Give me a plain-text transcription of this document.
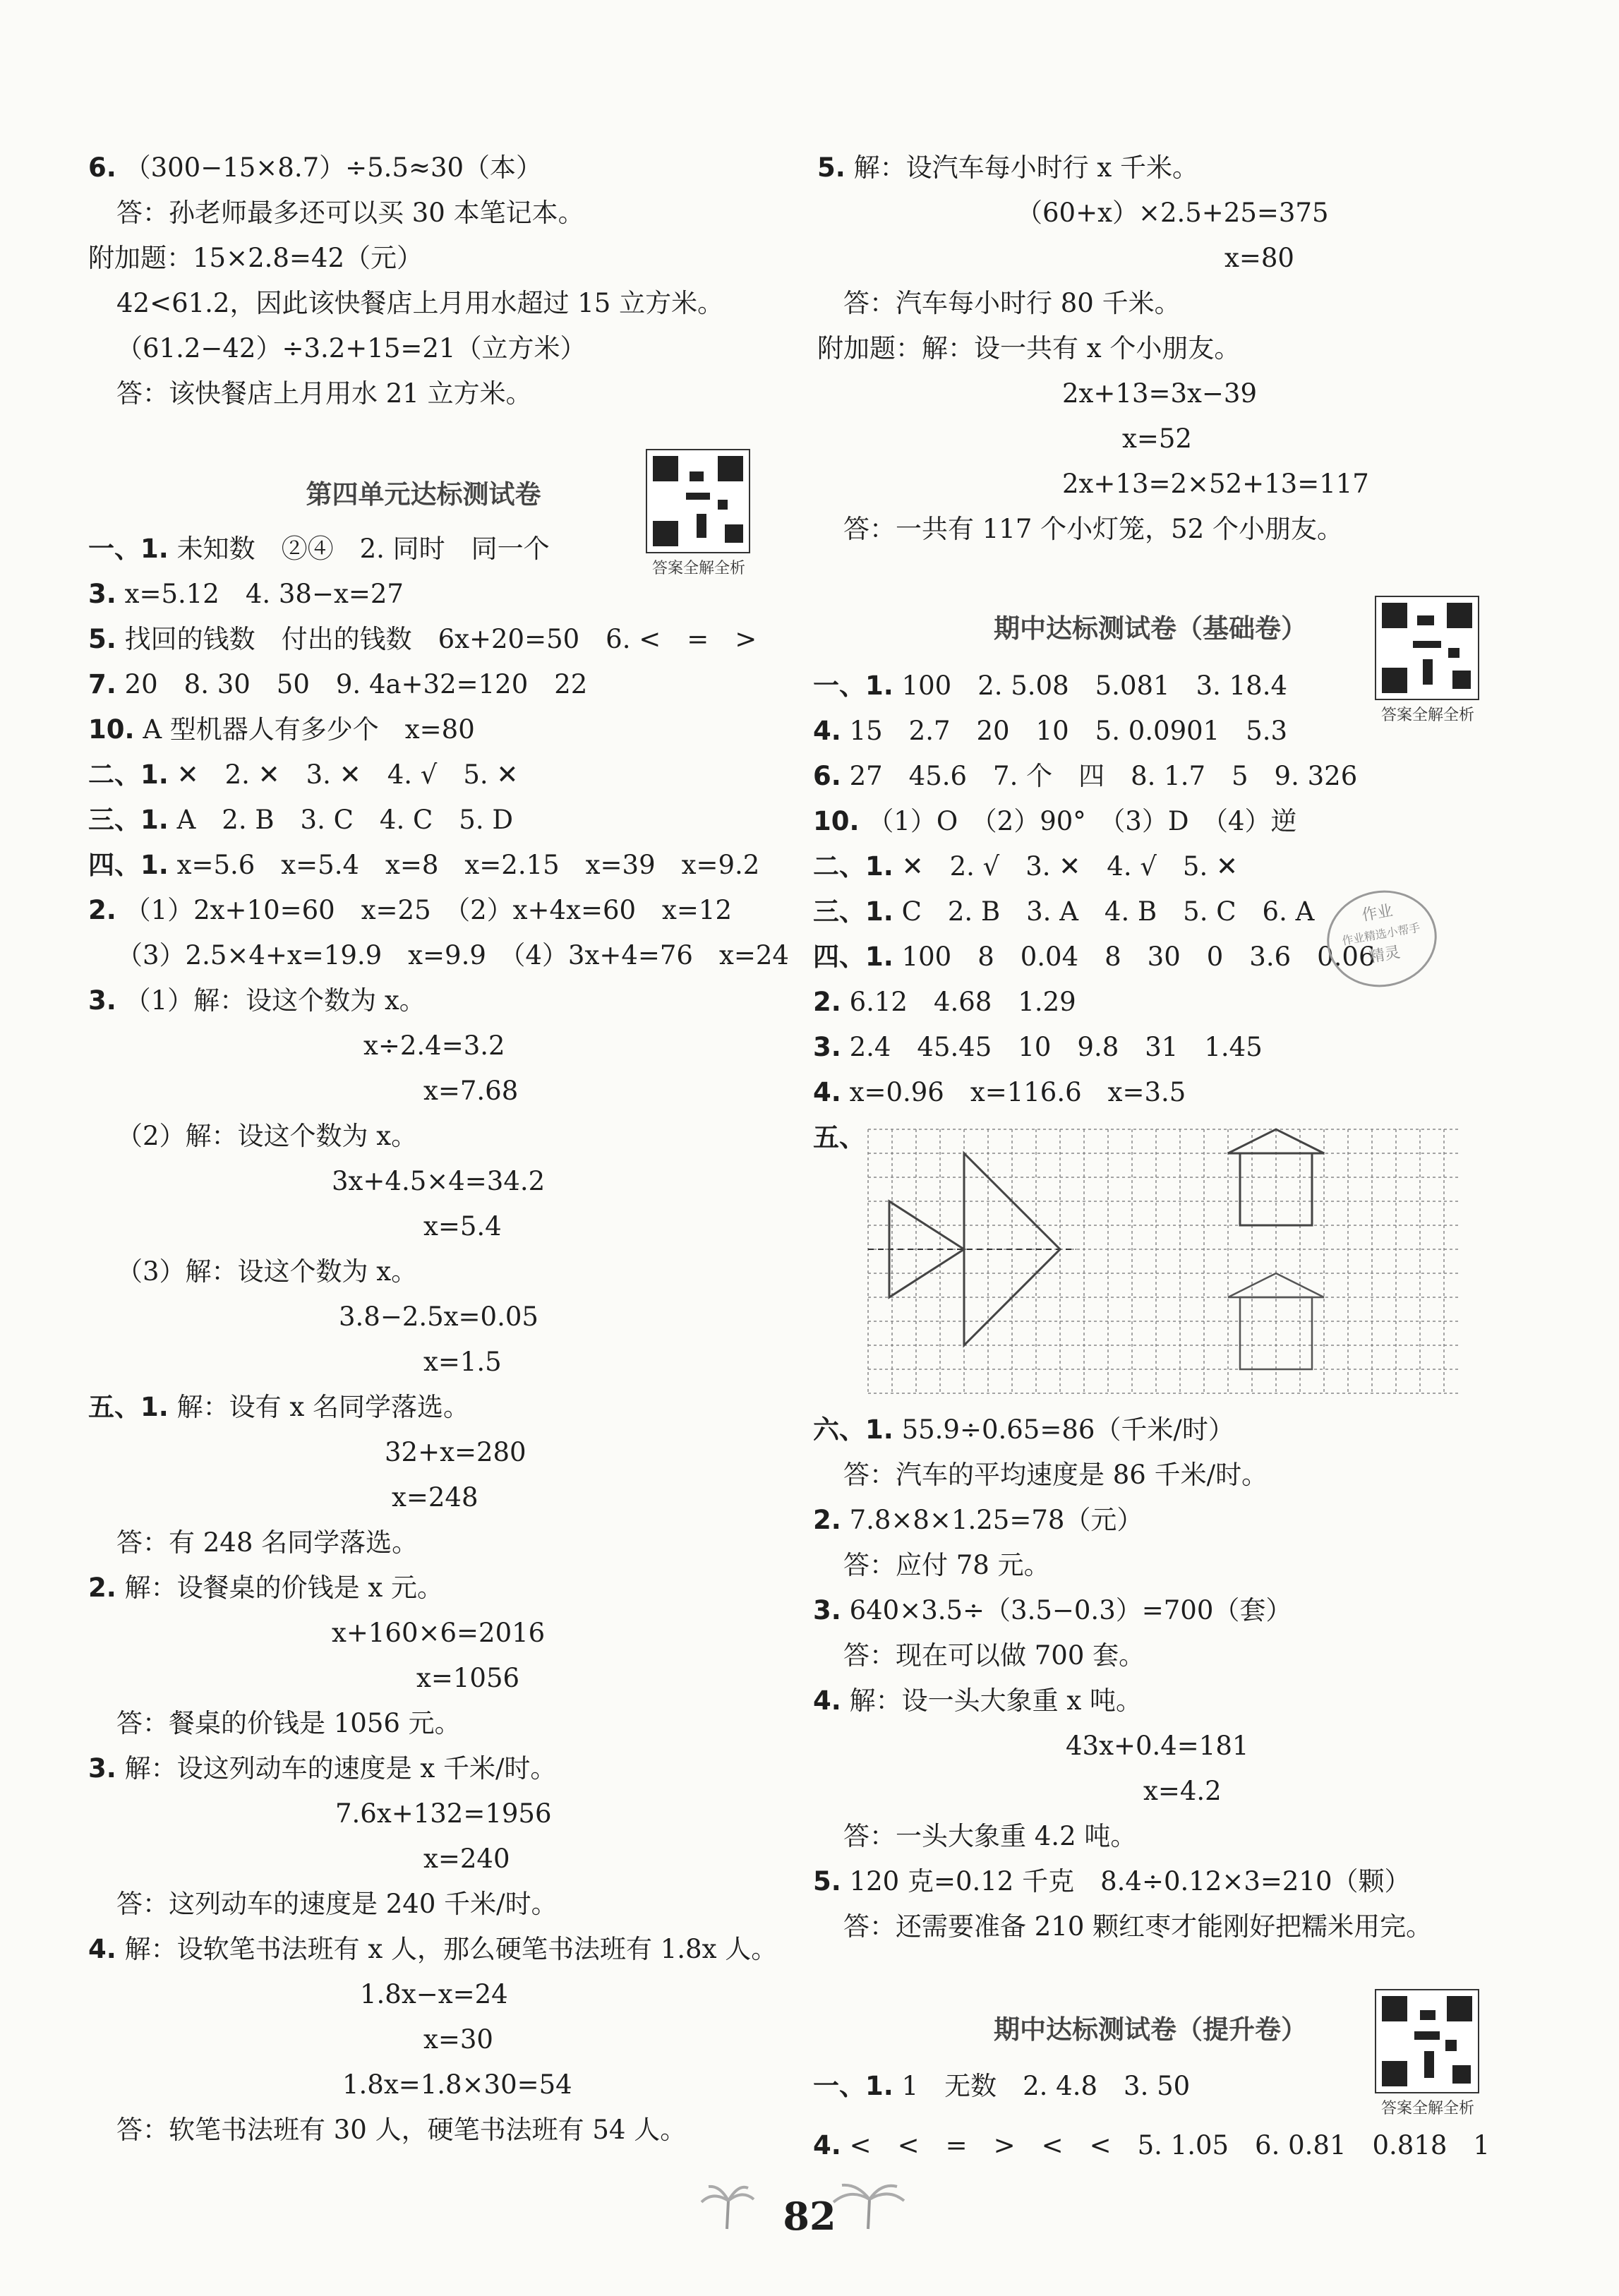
6. （300−15×8.7）÷5.5≈30（本）
答：孙老师最多还可以买 30 本笔记本。
附加题：15×2.8=42（元）
42<61.2，因此该快餐店上月用水超过 15 立方米。
（61.2−42）÷3.2+15=21（立方米）
答：该快餐店上月用水 21 立方米。
第四单元达标测试卷
一、1. 未知数　②④　2. 同时　同一个
3. x=5.12　4. 38−x=27
5. 找回的钱数　付出的钱数　6x+20=50　6. <　=　>
7. 20　8. 30　50　9. 4a+32=120　22
10. A 型机器人有多少个　x=80
二、1. ✕　2. ✕　3. ✕　4. √　5. ✕
三、1. A　2. B　3. C　4. C　5. D
四、1. x=5.6　x=5.4　x=8　x=2.15　x=39　x=9.2
2. （1）2x+10=60　x=25　（2）x+4x=60　x=12
（3）2.5×4+x=19.9　x=9.9　（4）3x+4=76　x=24
3. （1）解：设这个数为 x。
x÷2.4=3.2
x=7.68
（2）解：设这个数为 x。
3x+4.5×4=34.2
x=5.4
（3）解：设这个数为 x。
3.8−2.5x=0.05
x=1.5
五、1. 解：设有 x 名同学落选。
32+x=280
x=248
答：有 248 名同学落选。
2. 解：设餐桌的价钱是 x 元。
x+160×6=2016
x=1056
答：餐桌的价钱是 1056 元。
3. 解：设这列动车的速度是 x 千米/时。
7.6x+132=1956
x=240
答：这列动车的速度是 240 千米/时。
4. 解：设软笔书法班有 x 人，那么硬笔书法班有 1.8x 人。
1.8x−x=24
x=30
1.8x=1.8×30=54
答：软笔书法班有 30 人，硬笔书法班有 54 人。
答案全解全析
答案全解全析
答案全解全析
5. 解：设汽车每小时行 x 千米。
（60+x）×2.5+25=375
x=80
答：汽车每小时行 80 千米。
附加题：解：设一共有 x 个小朋友。
2x+13=3x−39
x=52
2x+13=2×52+13=117
答：一共有 117 个小灯笼，52 个小朋友。
期中达标测试卷（基础卷）
一、1. 100　2. 5.08　5.081　3. 18.4
4. 15　2.7　20　10　5. 0.0901　5.3
6. 27　45.6　7. 个　四　8. 1.7　5　9. 326
10. （1）O　（2）90°　（3）D　（4）逆
二、1. ✕　2. √　3. ✕　4. √　5. ✕
三、1. C　2. B　3. A　4. B　5. C　6. A
四、1. 100　8　0.04　8　30　0　3.6　0.06
2. 6.12　4.68　1.29
3. 2.4　45.45　10　9.8　31　1.45
4. x=0.96　x=116.6　x=3.5
五、
六、1. 55.9÷0.65=86（千米/时）
答：汽车的平均速度是 86 千米/时。
2. 7.8×8×1.25=78（元）
答：应付 78 元。
3. 640×3.5÷（3.5−0.3）=700（套）
答：现在可以做 700 套。
4. 解：设一头大象重 x 吨。
43x+0.4=181
x=4.2
答：一头大象重 4.2 吨。
5. 120 克=0.12 千克　8.4÷0.12×3=210（颗）
答：还需要准备 210 颗红枣才能刚好把糯米用完。
期中达标测试卷（提升卷）
一、1. 1　无数　2. 4.8　3. 50
4. <　<　=　>　<　<　5. 1.05　6. 0.81　0.818　1
作业
作业精选小帮手
精灵
82
